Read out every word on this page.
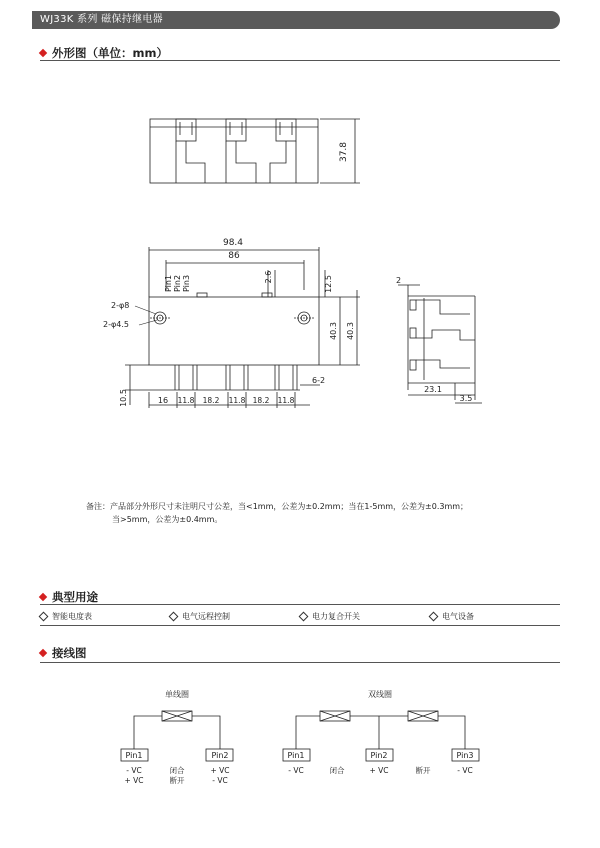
WJ33K 系列 磁保持继电器
外形图（单位：mm）
37.8
98.4
86
2.6	12.5
Pin1 Pin2 Pin3
2-φ8
2-φ4.5	40.3 40.3
6-2
10.5	16 11.8 18.2 11.8 18.2 11.8
2
23.1
3.5
备注：产品部分外形尺寸未注明尺寸公差，当<1mm，公差为±0.2mm；当在1-5mm，公差为±0.3mm；
当>5mm，公差为±0.4mm。
典型用途
智能电度表	电气远程控制	电力复合开关	电气设备
接线图
单线圈
Pin1	Pin2
- VC
+ VC
闭合
断开
+ VC
- VC
双线圈
Pin1	Pin2	Pin3
- VC	闭合	+ VC	断开	- VC
